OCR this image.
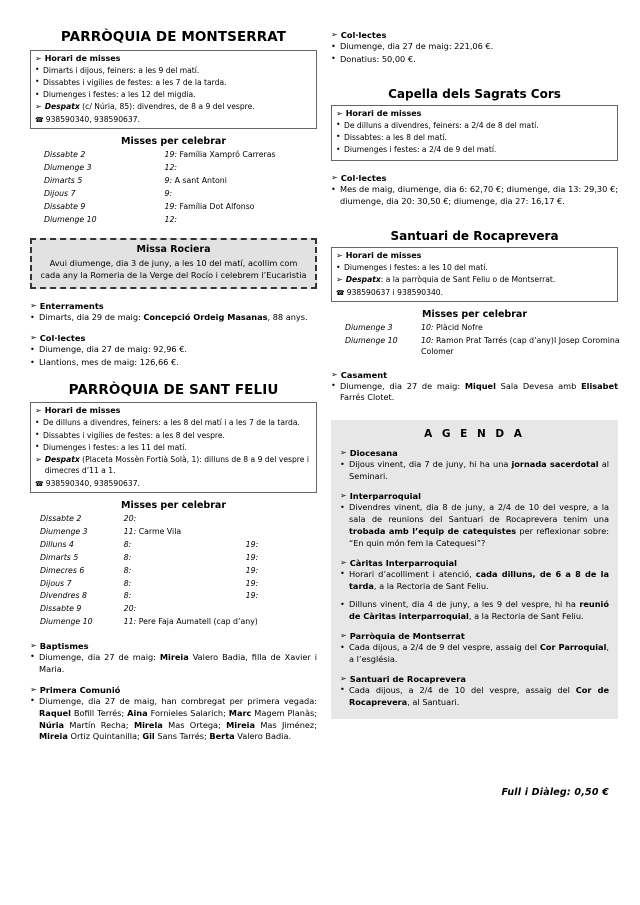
PARRÒQUIA DE MONTSERRAT
➢ Horari de misses
• Dimarts i dijous, feiners: a les 9 del matí.
• Dissabtes i vigílies de festes: a les 7 de la tarda.
• Diumenges i festes: a les 12 del migdia.
➢ Despatx (c/ Núria, 85): divendres, de 8 a 9 del vespre.
☎ 938590340, 938590637.
Misses per celebrar
Dissabte 2	19: Família Xampró Carreras
Diumenge 3	12:
Dimarts 5	9: A sant Antoni
Dijous 7	9:
Dissabte 9	19: Família Dot Alfonso
Diumenge 10	12:
Missa Rociera
Avui diumenge, dia 3 de juny, a les 10 del matí, acollim com cada any la Romeria de la Verge del Rocío i celebrem l’Eucaristia
➢ Enterraments
• Dimarts, dia 29 de maig: Concepció Ordeig Masanas, 88 anys.
➢ Col·lectes
• Diumenge, dia 27 de maig: 92,96 €.
• Llantions, mes de maig: 126,66 €.
PARRÒQUIA DE SANT FELIU
➢ Horari de misses
• De dilluns a divendres, feiners: a les 8 del matí i a les 7 de la tarda.
• Dissabtes i vigílies de festes: a les 8 del vespre.
• Diumenges i festes: a les 11 del matí.
➢ Despatx (Placeta Mossèn Fortià Solà, 1): dilluns de 8 a 9 del vespre i dimecres d’11 a 1.
☎ 938590340, 938590637.
Misses per celebrar
Dissabte 2	20:	
Diumenge 3	11: Carme Vila	
Dilluns 4	8:	19:
Dimarts 5	8:	19:
Dimecres 6	8:	19:
Dijous 7	8:	19:
Divendres 8	8:	19:
Dissabte 9	20:	
Diumenge 10	11: Pere Faja Aumatell (cap d’any)	
➢ Baptismes
• Diumenge, dia 27 de maig: Mireia Valero Badia, filla de Xavier i Maria.
➢ Primera Comunió
• Diumenge, dia 27 de maig, han combregat per primera vegada: Raquel Bofill Terrés; Aina Fornieles Salarich; Marc Magem Planàs; Núria Martín Recha; Mirela Mas Ortega; Mireia Mas Jiménez; Mireia Ortiz Quintanilla; Gil Sans Tarrés; Berta Valero Badia.
➢ Col·lectes
• Diumenge, dia 27 de maig: 221,06 €.
• Donatius: 50,00 €.
Capella dels Sagrats Cors
➢ Horari de misses
• De dilluns a divendres, feiners: a 2/4 de 8 del matí.
• Dissabtes: a les 8 del matí.
• Diumenges i festes: a 2/4 de 9 del matí.
➢ Col·lectes
• Mes de maig, diumenge, dia 6: 62,70 €; diumenge, dia 13: 29,30 €; diumenge, dia 20: 30,50 €; diumenge, dia 27: 16,17 €.
Santuari de Rocaprevera
➢ Horari de misses
• Diumenges i festes: a les 10 del matí.
➢ Despatx: a la parròquia de Sant Feliu o de Montserrat.
☎ 938590637 i 938590340.
Misses per celebrar
Diumenge 3	10: Plàcid Nofre
Diumenge 10	10: Ramon Prat Tarrés (cap d’any)I Josep Coromina Colomer
➢ Casament
• Diumenge, dia 27 de maig: Miquel Sala Devesa amb Elisabet Farrés Clotet.
A G E N D A
➢ Diocesana
• Dijous vinent, dia 7 de juny, hi ha una jornada sacerdotal al Seminari.
➢ Interparroquial
• Divendres vinent, dia 8 de juny, a 2/4 de 10 del vespre, a la sala de reunions del Santuari de Rocaprevera tenim una trobada amb l’equip de catequistes per reflexionar sobre: “En quin món fem la Catequesi”?
➢ Càritas Interparroquial
• Horari d’acolliment i atenció, cada dilluns, de 6 a 8 de la tarda, a la Rectoria de Sant Feliu.
• Dilluns vinent, dia 4 de juny, a les 9 del vespre, hi ha reunió de Càritas interparroquial, a la Rectoria de Sant Feliu.
➢ Parròquia de Montserrat
• Cada dijous, a 2/4 de 9 del vespre, assaig del Cor Parroquial, a l’església.
➢ Santuari de Rocaprevera
• Cada dijous, a 2/4 de 10 del vespre, assaig del Cor de Rocaprevera, al Santuari.
Full i Diàleg: 0,50 €
